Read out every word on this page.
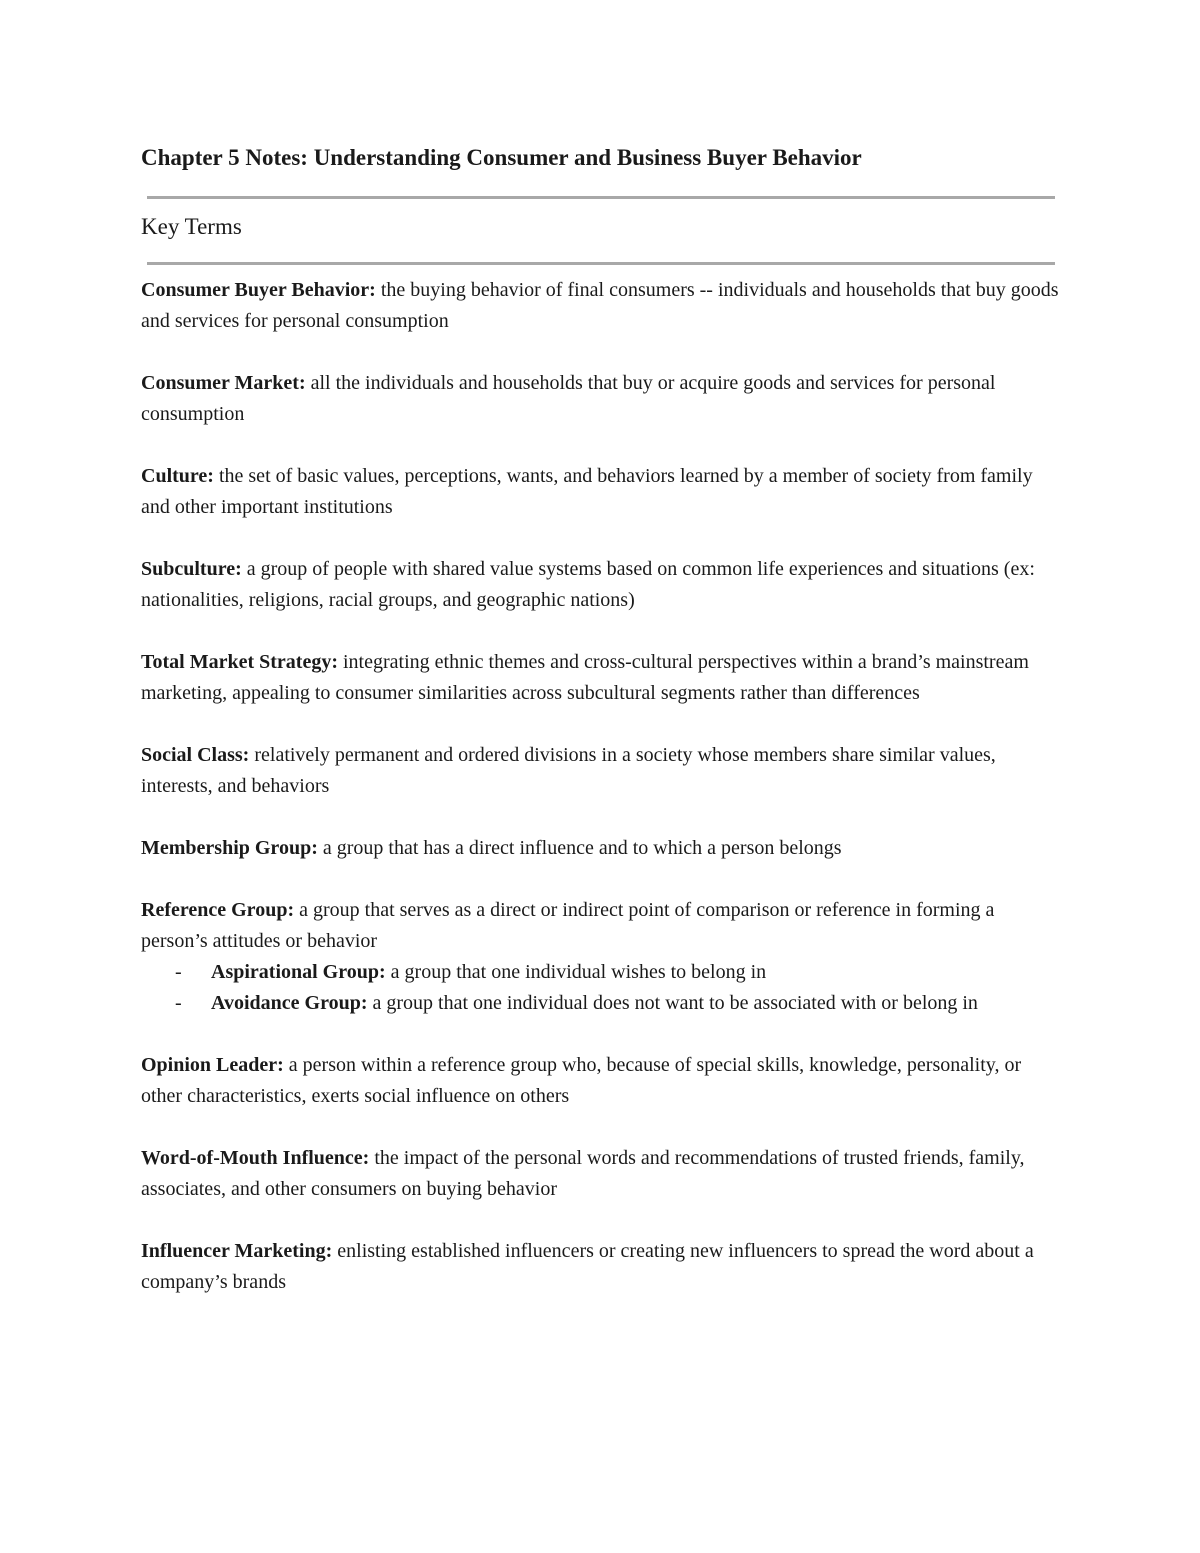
Chapter 5 Notes: Understanding Consumer and Business Buyer Behavior
Key Terms
Consumer Buyer Behavior: the buying behavior of final consumers -- individuals and households that buy goods and services for personal consumption
Consumer Market: all the individuals and households that buy or acquire goods and services for personal consumption
Culture: the set of basic values, perceptions, wants, and behaviors learned by a member of society from family and other important institutions
Subculture: a group of people with shared value systems based on common life experiences and situations (ex: nationalities, religions, racial groups, and geographic nations)
Total Market Strategy: integrating ethnic themes and cross-cultural perspectives within a brand’s mainstream marketing, appealing to consumer similarities across subcultural segments rather than differences
Social Class: relatively permanent and ordered divisions in a society whose members share similar values, interests, and behaviors
Membership Group: a group that has a direct influence and to which a person belongs
Reference Group: a group that serves as a direct or indirect point of comparison or reference in forming a person’s attitudes or behavior
- Aspirational Group: a group that one individual wishes to belong in
- Avoidance Group: a group that one individual does not want to be associated with or belong in
Opinion Leader: a person within a reference group who, because of special skills, knowledge, personality, or other characteristics, exerts social influence on others
Word-of-Mouth Influence: the impact of the personal words and recommendations of trusted friends, family, associates, and other consumers on buying behavior
Influencer Marketing: enlisting established influencers or creating new influencers to spread the word about a company’s brands
